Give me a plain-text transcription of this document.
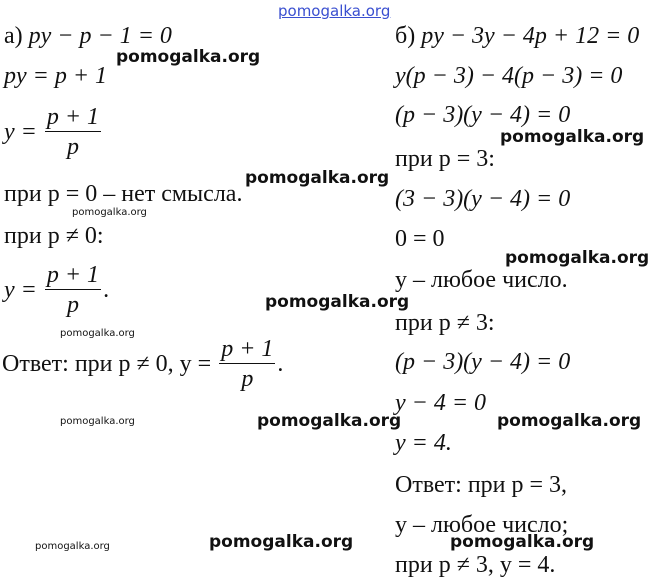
pomogalka.org
а) py − p − 1 = 0
py = p + 1
$y = \frac{p + 1}{p}$
при p = 0 – нет смысла.
при p ≠ 0:
$y = \frac{p + 1}{p}$ .
Ответ: при p ≠ 0, $y = \frac{p + 1}{p}$ .
б) py − 3y − 4p + 12 = 0
y(p − 3) − 4(p − 3) = 0
(p − 3)(y − 4) = 0
при p = 3:
(3 − 3)(y − 4) = 0
0 = 0
y – любое число.
при p ≠ 3:
(p − 3)(y − 4) = 0
y − 4 = 0
y = 4.
Ответ: при p = 3,
y – любое число;
при p ≠ 3, y = 4.
pomogalka.org
pomogalka.org
pomogalka.org
pomogalka.org
pomogalka.org
pomogalka.org
pomogalka.org
pomogalka.org	pomogalka.org	pomogalka.org
pomogalka.org	pomogalka.org	pomogalka.org
